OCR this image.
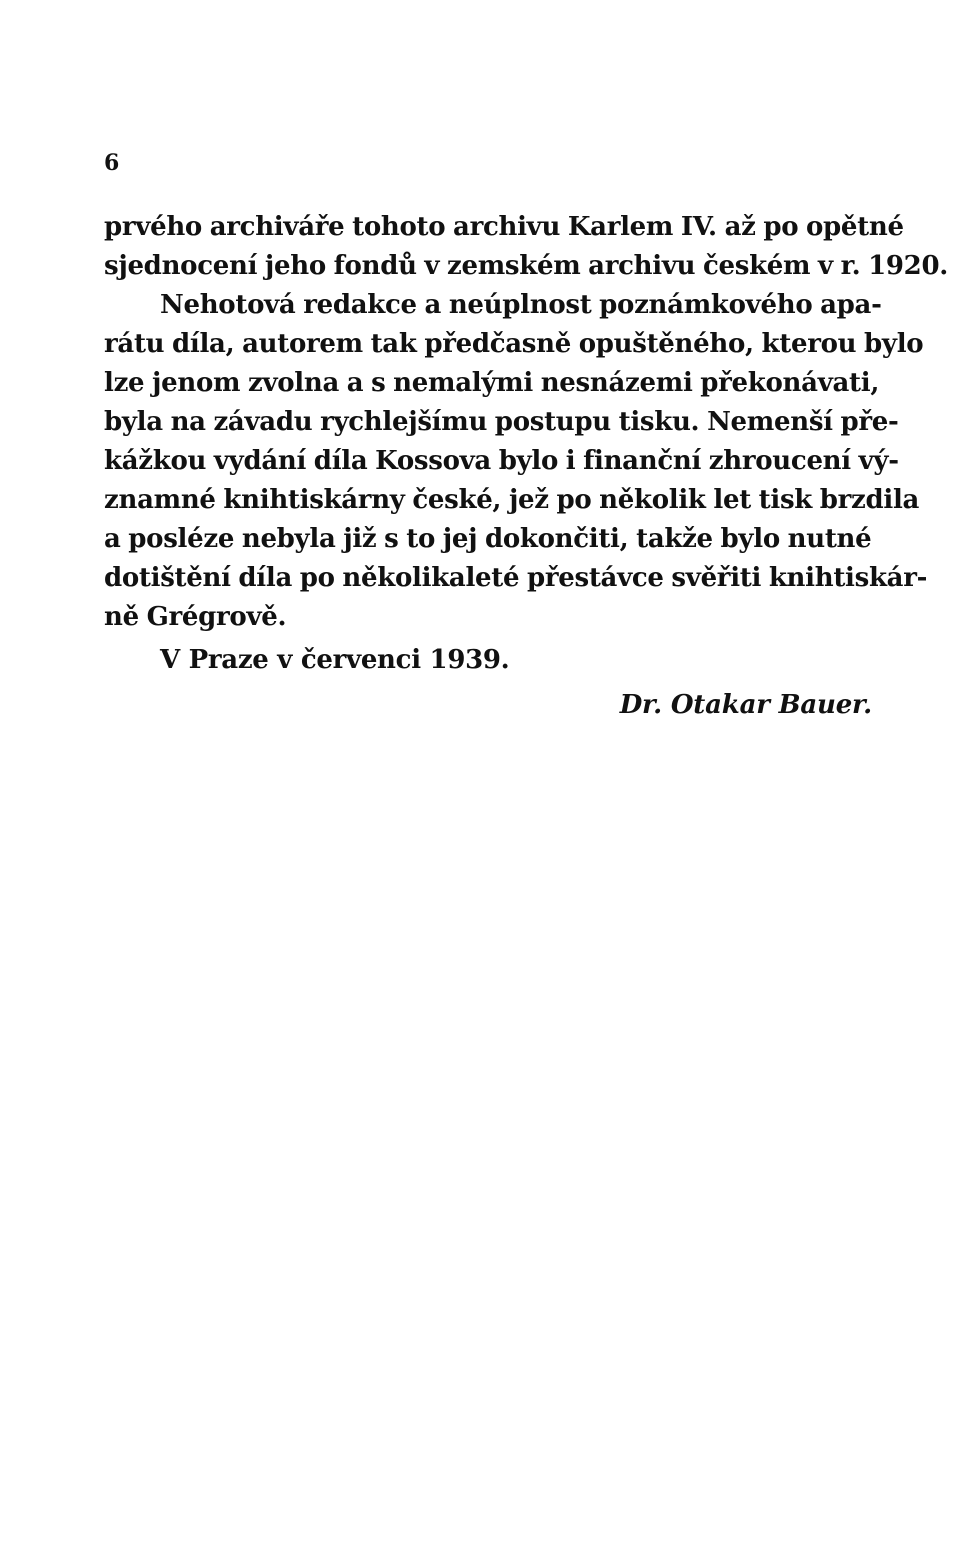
6
prvého archiváře tohoto archivu Karlem IV. až po opětné
sjednocení jeho fondů v zemském archivu českém v r. 1920.
Nehotová redakce a neúplnost poznámkového apa-
rátu díla, autorem tak předčasně opuštěného, kterou bylo
lze jenom zvolna a s nemalými nesnázemi překonávati,
byla na závadu rychlejšímu postupu tisku. Nemenší pře-
kážkou vydání díla Kossova bylo i finanční zhroucení vý-
znamné knihtiskárny české, jež po několik let tisk brzdila
a posléze nebyla již s to jej dokončiti, takže bylo nutné
dotištění díla po několikaleté přestávce svěřiti knihtiskár-
ně Grégrově.
V Praze v červenci 1939.
Dr. Otakar Bauer.
